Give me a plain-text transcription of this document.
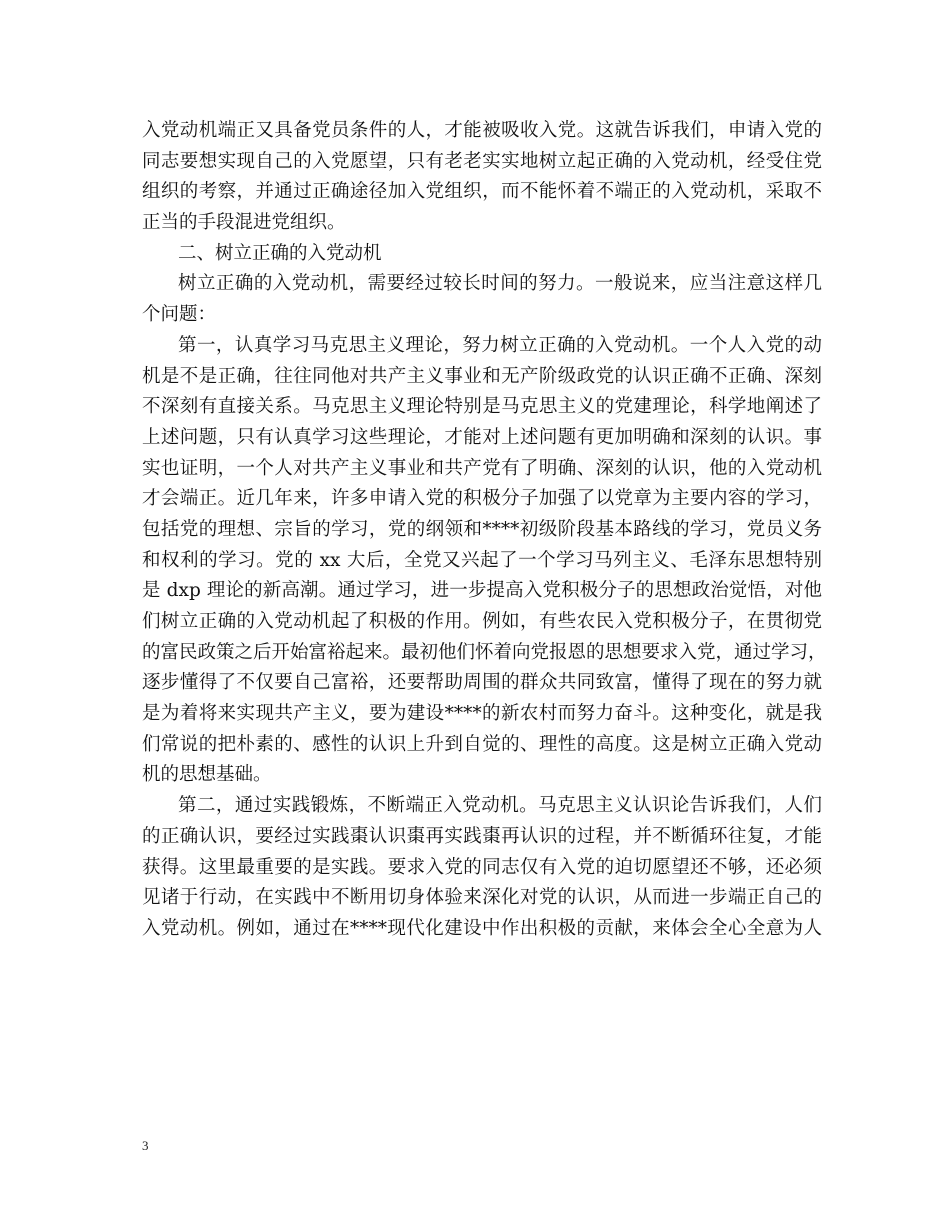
入党动机端正又具备党员条件的人，才能被吸收入党。这就告诉我们，申请入党的
同志要想实现自己的入党愿望，只有老老实实地树立起正确的入党动机，经受住党
组织的考察，并通过正确途径加入党组织，而不能怀着不端正的入党动机，采取不
正当的手段混进党组织。
二、树立正确的入党动机
树立正确的入党动机，需要经过较长时间的努力。一般说来，应当注意这样几
个问题：
第一，认真学习马克思主义理论，努力树立正确的入党动机。一个人入党的动
机是不是正确，往往同他对共产主义事业和无产阶级政党的认识正确不正确、深刻
不深刻有直接关系。马克思主义理论特别是马克思主义的党建理论，科学地阐述了
上述问题，只有认真学习这些理论，才能对上述问题有更加明确和深刻的认识。事
实也证明，一个人对共产主义事业和共产党有了明确、深刻的认识，他的入党动机
才会端正。近几年来，许多申请入党的积极分子加强了以党章为主要内容的学习，
包括党的理想、宗旨的学习，党的纲领和****初级阶段基本路线的学习，党员义务
和权利的学习。党的 xx 大后，全党又兴起了一个学习马列主义、毛泽东思想特别
是 dxp 理论的新高潮。通过学习，进一步提高入党积极分子的思想政治觉悟，对他
们树立正确的入党动机起了积极的作用。例如，有些农民入党积极分子，在贯彻党
的富民政策之后开始富裕起来。最初他们怀着向党报恩的思想要求入党，通过学习，
逐步懂得了不仅要自己富裕，还要帮助周围的群众共同致富，懂得了现在的努力就
是为着将来实现共产主义，要为建设****的新农村而努力奋斗。这种变化，就是我
们常说的把朴素的、感性的认识上升到自觉的、理性的高度。这是树立正确入党动
机的思想基础。
第二，通过实践锻炼，不断端正入党动机。马克思主义认识论告诉我们，人们
的正确认识，要经过实践棗认识棗再实践棗再认识的过程，并不断循环往复，才能
获得。这里最重要的是实践。要求入党的同志仅有入党的迫切愿望还不够，还必须
见诸于行动，在实践中不断用切身体验来深化对党的认识，从而进一步端正自己的
入党动机。例如，通过在****现代化建设中作出积极的贡献，来体会全心全意为人
3
